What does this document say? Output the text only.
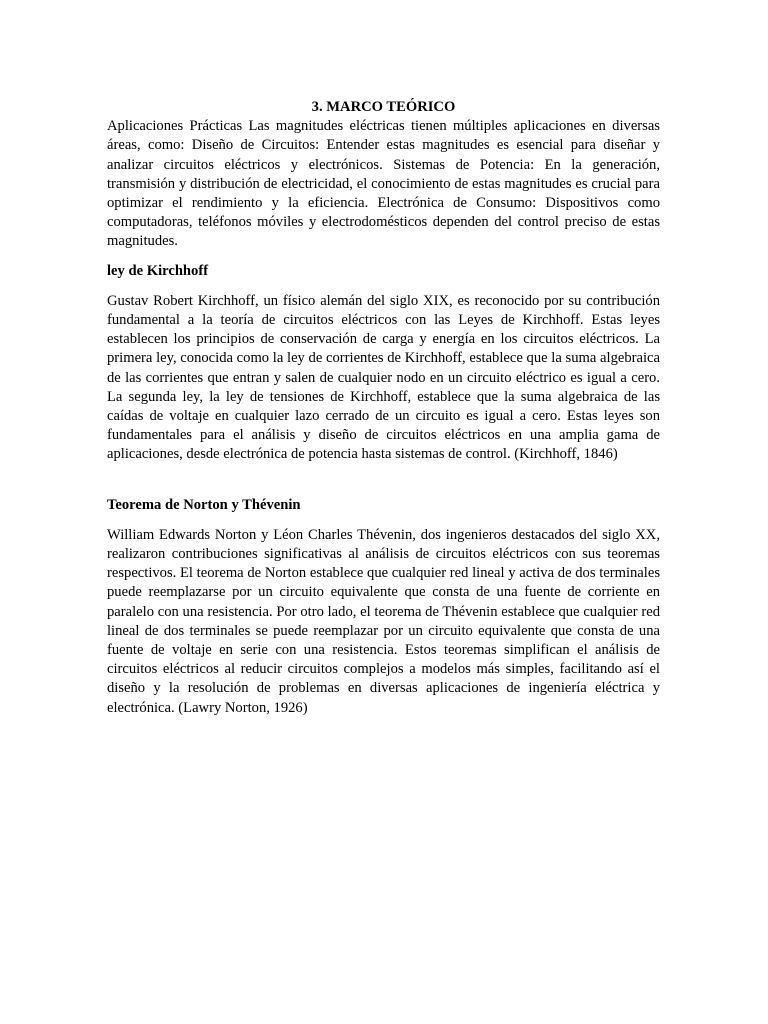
3. MARCO TEÓRICO

Aplicaciones Prácticas Las magnitudes eléctricas tienen múltiples aplicaciones en diversas áreas, como: Diseño de Circuitos: Entender estas magnitudes es esencial para diseñar y analizar circuitos eléctricos y electrónicos. Sistemas de Potencia: En la generación, transmisión y distribución de electricidad, el conocimiento de estas magnitudes es crucial para optimizar el rendimiento y la eficiencia. Electrónica de Consumo: Dispositivos como computadoras, teléfonos móviles y electrodomésticos dependen del control preciso de estas magnitudes.

ley de Kirchhoff

Gustav Robert Kirchhoff, un físico alemán del siglo XIX, es reconocido por su contribución fundamental a la teoría de circuitos eléctricos con las Leyes de Kirchhoff. Estas leyes establecen los principios de conservación de carga y energía en los circuitos eléctricos. La primera ley, conocida como la ley de corrientes de Kirchhoff, establece que la suma algebraica de las corrientes que entran y salen de cualquier nodo en un circuito eléctrico es igual a cero. La segunda ley, la ley de tensiones de Kirchhoff, establece que la suma algebraica de las caídas de voltaje en cualquier lazo cerrado de un circuito es igual a cero. Estas leyes son fundamentales para el análisis y diseño de circuitos eléctricos en una amplia gama de aplicaciones, desde electrónica de potencia hasta sistemas de control. (Kirchhoff, 1846)

Teorema de Norton y Thévenin

William Edwards Norton y Léon Charles Thévenin, dos ingenieros destacados del siglo XX, realizaron contribuciones significativas al análisis de circuitos eléctricos con sus teoremas respectivos. El teorema de Norton establece que cualquier red lineal y activa de dos terminales puede reemplazarse por un circuito equivalente que consta de una fuente de corriente en paralelo con una resistencia. Por otro lado, el teorema de Thévenin establece que cualquier red lineal de dos terminales se puede reemplazar por un circuito equivalente que consta de una fuente de voltaje en serie con una resistencia. Estos teoremas simplifican el análisis de circuitos eléctricos al reducir circuitos complejos a modelos más simples, facilitando así el diseño y la resolución de problemas en diversas aplicaciones de ingeniería eléctrica y electrónica. (Lawry Norton, 1926)
